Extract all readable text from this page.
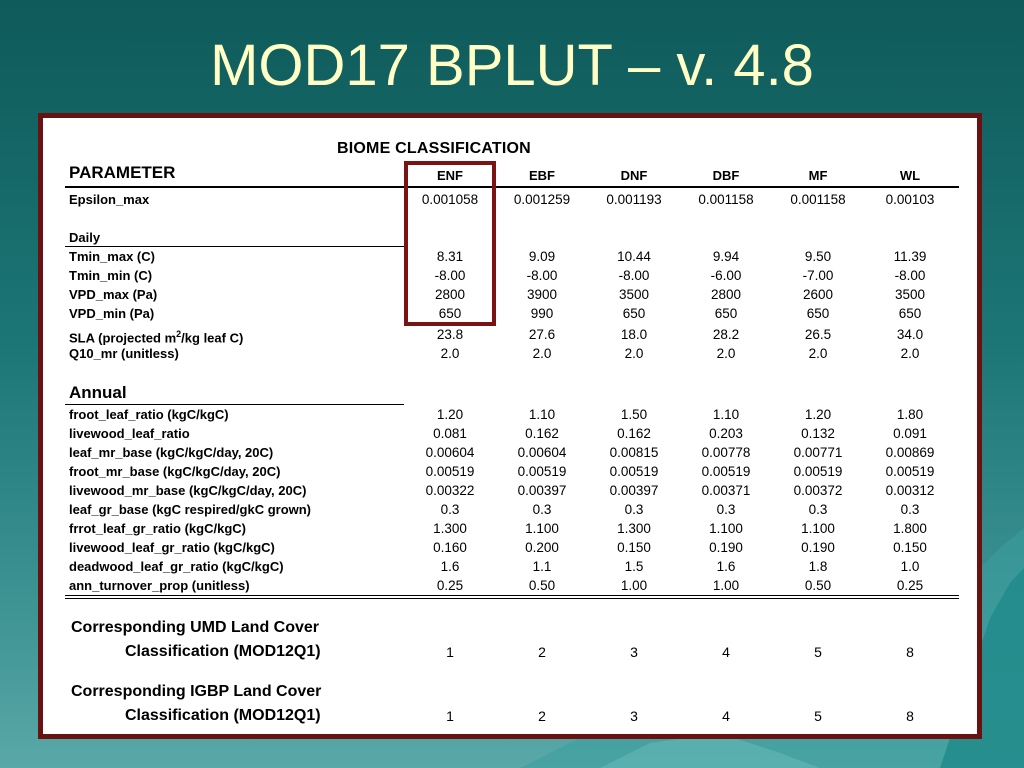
MOD17 BPLUT – v. 4.8
BIOME CLASSIFICATION
PARAMETER	ENF	EBF	DNF	DBF	MF	WL
Epsilon_max	0.001058	0.001259	0.001193	0.001158	0.001158	0.00103
Daily
Tmin_max (C)	8.31	9.09	10.44	9.94	9.50	11.39
Tmin_min (C)	-8.00	-8.00	-8.00	-6.00	-7.00	-8.00
VPD_max (Pa)	2800	3900	3500	2800	2600	3500
VPD_min (Pa)	650	990	650	650	650	650
SLA (projected $m^2/kg$ leaf C)	23.8	27.6	18.0	28.2	26.5	34.0
Q10_mr (unitless)	2.0	2.0	2.0	2.0	2.0	2.0
Annual
froot_leaf_ratio (kgC/kgC)	1.20	1.10	1.50	1.10	1.20	1.80
livewood_leaf_ratio	0.081	0.162	0.162	0.203	0.132	0.091
leaf_mr_base (kgC/kgC/day, 20C)	0.00604	0.00604	0.00815	0.00778	0.00771	0.00869
froot_mr_base (kgC/kgC/day, 20C)	0.00519	0.00519	0.00519	0.00519	0.00519	0.00519
livewood_mr_base (kgC/kgC/day, 20C)	0.00322	0.00397	0.00397	0.00371	0.00372	0.00312
leaf_gr_base (kgC respired/gkC grown)	0.3	0.3	0.3	0.3	0.3	0.3
frrot_leaf_gr_ratio (kgC/kgC)	1.300	1.100	1.300	1.100	1.100	1.800
livewood_leaf_gr_ratio (kgC/kgC)	0.160	0.200	0.150	0.190	0.190	0.150
deadwood_leaf_gr_ratio (kgC/kgC)	1.6	1.1	1.5	1.6	1.8	1.0
ann_turnover_prop (unitless)	0.25	0.50	1.00	1.00	0.50	0.25
Corresponding UMD Land Cover
Classification (MOD12Q1)	1	2	3	4	5	8
Corresponding IGBP Land Cover
Classification (MOD12Q1)	1	2	3	4	5	8
